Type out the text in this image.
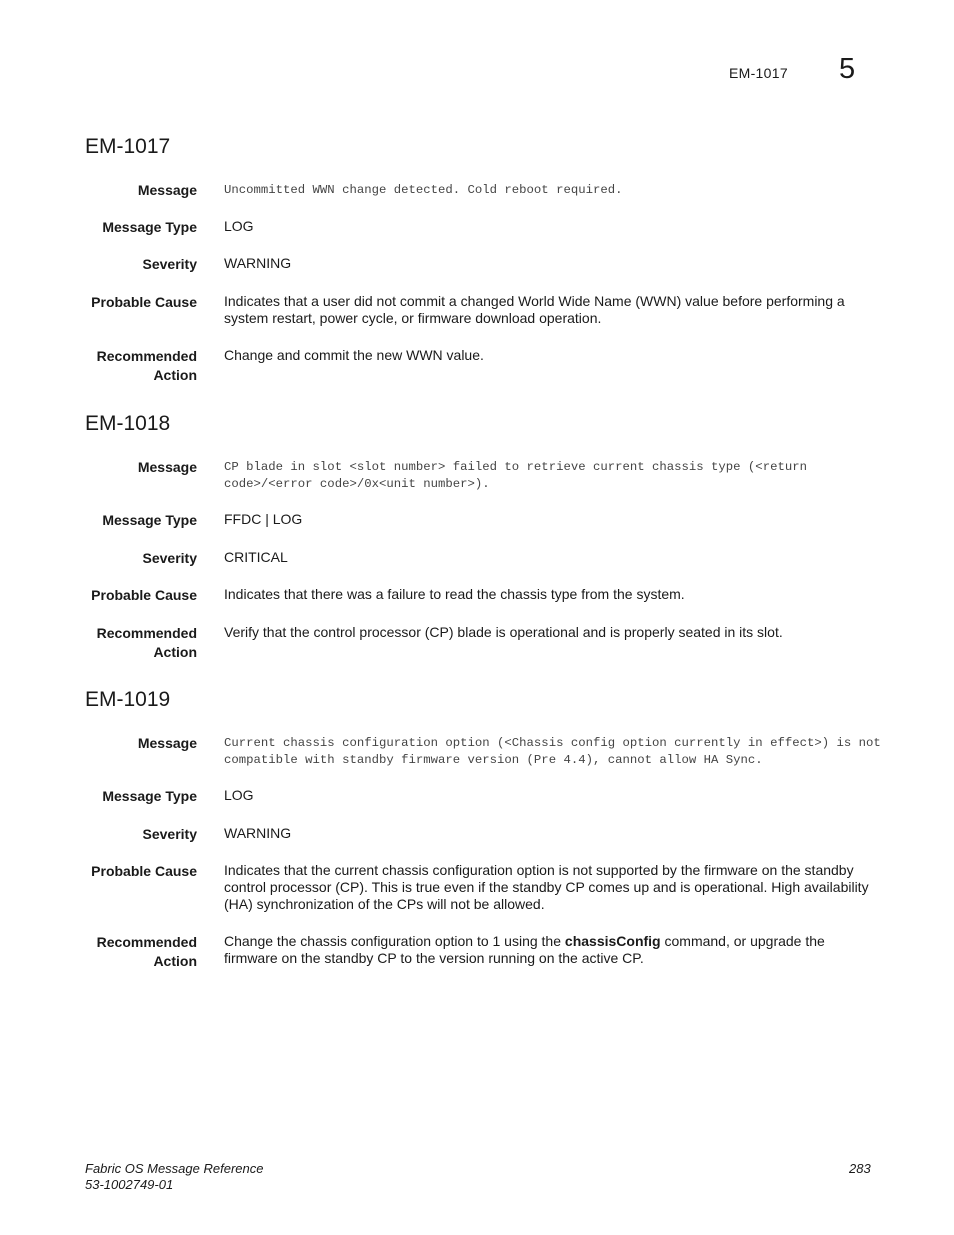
EM-1017 5
EM-1017
Message Uncommitted WWN change detected. Cold reboot required.
Message Type LOG
Severity WARNING
Probable Cause Indicates that a user did not commit a changed World Wide Name (WWN) value before performing a system restart, power cycle, or firmware download operation.
Recommended
Action
Change and commit the new WWN value.
EM-1018
Message CP blade in slot <slot number> failed to retrieve current chassis type (<return code>/<error code>/0x<unit number>).
Message Type FFDC | LOG
Severity CRITICAL
Probable Cause Indicates that there was a failure to read the chassis type from the system.
Recommended
Action
Verify that the control processor (CP) blade is operational and is properly seated in its slot.
EM-1019
Message Current chassis configuration option (<Chassis config option currently in effect>) is not compatible with standby firmware version (Pre 4.4), cannot allow HA Sync.
Message Type LOG
Severity WARNING
Probable Cause Indicates that the current chassis configuration option is not supported by the firmware on the standby control processor (CP). This is true even if the standby CP comes up and is operational. High availability (HA) synchronization of the CPs will not be allowed.
Recommended
Action
Change the chassis configuration option to 1 using the chassisConfig command, or upgrade the firmware on the standby CP to the version running on the active CP.
Fabric OS Message Reference
53-1002749-01
283
